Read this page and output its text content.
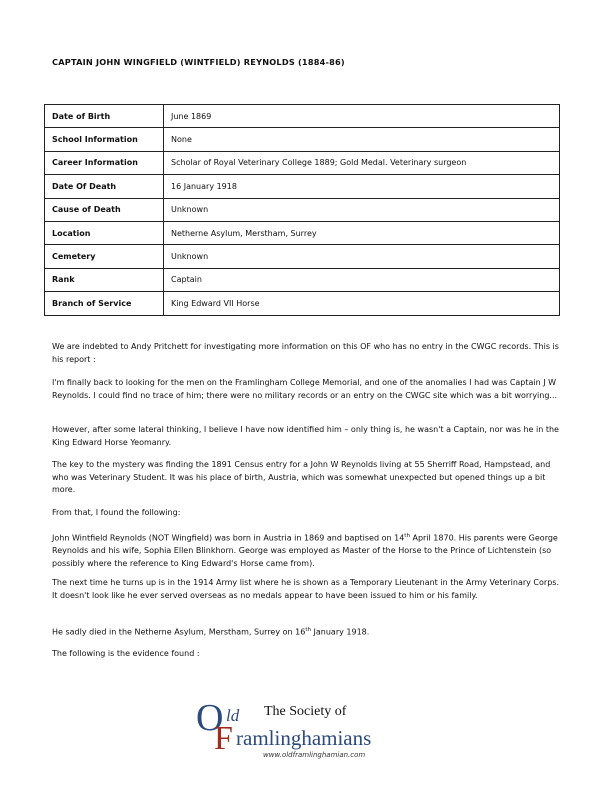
CAPTAIN JOHN WINGFIELD (WINTFIELD) REYNOLDS (1884-86)
Date of Birth	June 1869
School Information	None
Career Information	Scholar of Royal Veterinary College 1889; Gold Medal. Veterinary surgeon
Date Of Death	16 January 1918
Cause of Death	Unknown
Location	Netherne Asylum, Merstham, Surrey
Cemetery	Unknown
Rank	Captain
Branch of Service	King Edward VII Horse

We are indebted to Andy Pritchett for investigating more information on this OF who has no entry in the CWGC records. This is his report :

I'm finally back to looking for the men on the Framlingham College Memorial, and one of the anomalies I had was Captain J W Reynolds. I could find no trace of him; there were no military records or an entry on the CWGC site which was a bit worrying...

However, after some lateral thinking, I believe I have now identified him – only thing is, he wasn't a Captain, nor was he in the King Edward Horse Yeomanry.

The key to the mystery was finding the 1891 Census entry for a John W Reynolds living at 55 Sherriff Road, Hampstead, and who was Veterinary Student. It was his place of birth, Austria, which was somewhat unexpected but opened things up a bit more.

From that, I found the following:

John Wintfield Reynolds (NOT Wingfield) was born in Austria in 1869 and baptised on 14th April 1870. His parents were George Reynolds and his wife, Sophia Ellen Blinkhorn. George was employed as Master of the Horse to the Prince of Lichtenstein (so possibly where the reference to King Edward's Horse came from).

The next time he turns up is in the 1914 Army list where he is shown as a Temporary Lieutenant in the Army Veterinary Corps. It doesn't look like he ever served overseas as no medals appear to have been issued to him or his family.

He sadly died in the Netherne Asylum, Merstham, Surrey on 16th January 1918.

The following is the evidence found :

O ld The Society of
F ramlinghamians
www.oldframlinghamian.com
